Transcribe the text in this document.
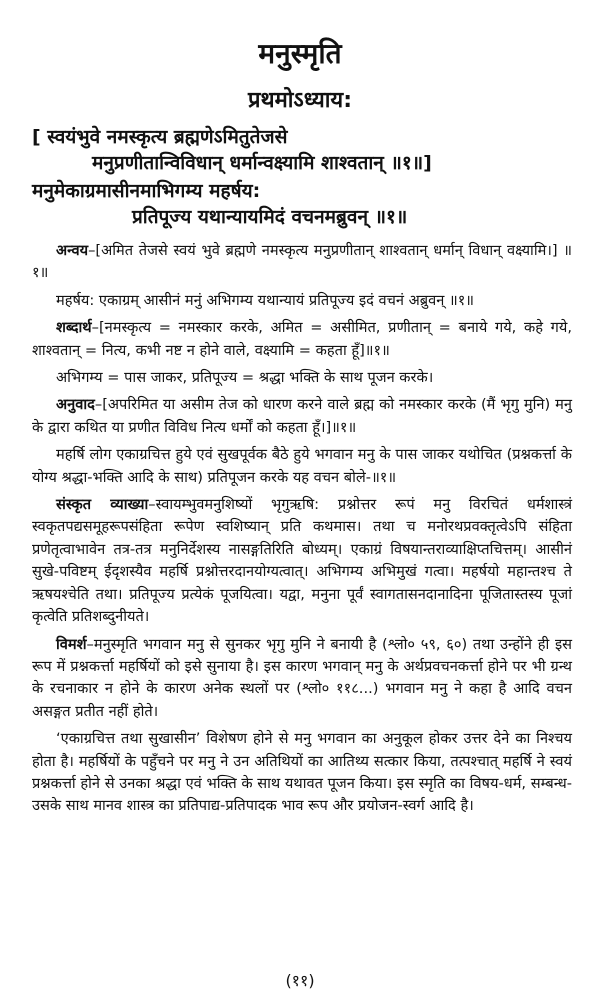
मनुस्मृति
प्रथमोऽध्याय:
[ स्वयंभुवे नमस्कृत्य ब्रह्मणेऽमितुतेजसे
मनुप्रणीतान्विविधान् धर्मान्वक्ष्यामि शाश्वतान् ॥१॥]
मनुमेकाग्रमासीनमाभिगम्य महर्षय:
प्रतिपूज्य यथान्यायमिदं वचनमब्रुवन् ॥१॥

अन्वय–[अमित तेजसे स्वयं भुवे ब्रह्मणे नमस्कृत्य मनुप्रणीतान् शाश्वतान् धर्मान् विधान् वक्ष्यामि।] ॥१॥

महर्षय: एकाग्रम् आसीनं मनुं अभिगम्य यथान्यायं प्रतिपूज्य इदं वचनं अब्रुवन् ॥१॥

शब्दार्थ–[नमस्कृत्य = नमस्कार करके, अमित = असीमित, प्रणीतान् = बनाये गये, कहे गये, शाश्वतान् = नित्य, कभी नष्ट न होने वाले, वक्ष्यामि = कहता हूँ]॥१॥

अभिगम्य = पास जाकर, प्रतिपूज्य = श्रद्धा भक्ति के साथ पूजन करके।

अनुवाद–[अपरिमित या असीम तेज को धारण करने वाले ब्रह्म को नमस्कार करके (मैं भृगु मुनि) मनु के द्वारा कथित या प्रणीत विविध नित्य धर्मों को कहता हूँ।]॥१॥

महर्षि लोग एकाग्रचित्त हुये एवं सुखपूर्वक बैठे हुये भगवान मनु के पास जाकर यथोचित (प्रश्नकर्त्ता के योग्य श्रद्धा-भक्ति आदि के साथ) प्रतिपूजन करके यह वचन बोले-॥१॥

संस्कृत व्याख्या–स्वायम्भुवमनुशिष्यों भृगुऋषि: प्रश्नोत्तर रूपं मनु विरचितं धर्मशास्त्रं स्वकृतपद्यसमूहरूपसंहिता रूपेण स्वशिष्यान् प्रति कथमास। तथा च मनोरथप्रवक्तृत्वेऽपि संहिता प्रणेतृत्वाभावेन तत्र-तत्र मनुनिर्देशस्य नासङ्गतिरिति बोध्यम्। एकाग्रं विषयान्तराव्याक्षिप्तचित्तम्। आसीनं सुखे-पविष्टम् ईदृशस्यैव महर्षि प्रश्नोत्तरदानयोग्यत्वात्। अभिगम्य अभिमुखं गत्वा। महर्षयो महान्तश्च ते ऋषयश्चेति तथा। प्रतिपूज्य प्रत्येकं पूजयित्वा। यद्वा, मनुना पूर्वं स्वागतासनदानादिना पूजितास्तस्य पूजां कृत्वेति प्रतिशब्दुनीयते।

विमर्श–मनुस्मृति भगवान मनु से सुनकर भृगु मुनि ने बनायी है (श्लो० ५९, ६०) तथा उन्होंने ही इस रूप में प्रश्नकर्त्ता महर्षियों को इसे सुनाया है। इस कारण भगवान् मनु के अर्थप्रवचनकर्त्ता होने पर भी ग्रन्थ के रचनाकार न होने के कारण अनेक स्थलों पर (श्लो० ११८...) भगवान मनु ने कहा है आदि वचन असङ्गत प्रतीत नहीं होते।

‘एकाग्रचित्त तथा सुखासीन’ विशेषण होने से मनु भगवान का अनुकूल होकर उत्तर देने का निश्चय होता है। महर्षियों के पहुँचने पर मनु ने उन अतिथियों का आतिथ्य सत्कार किया, तत्पश्चात् महर्षि ने स्वयं प्रश्नकर्त्ता होने से उनका श्रद्धा एवं भक्ति के साथ यथावत पूजन किया। इस स्मृति का विषय-धर्म, सम्बन्ध-उसके साथ मानव शास्त्र का प्रतिपाद्य-प्रतिपादक भाव रूप और प्रयोजन-स्वर्ग आदि है।

(११)
